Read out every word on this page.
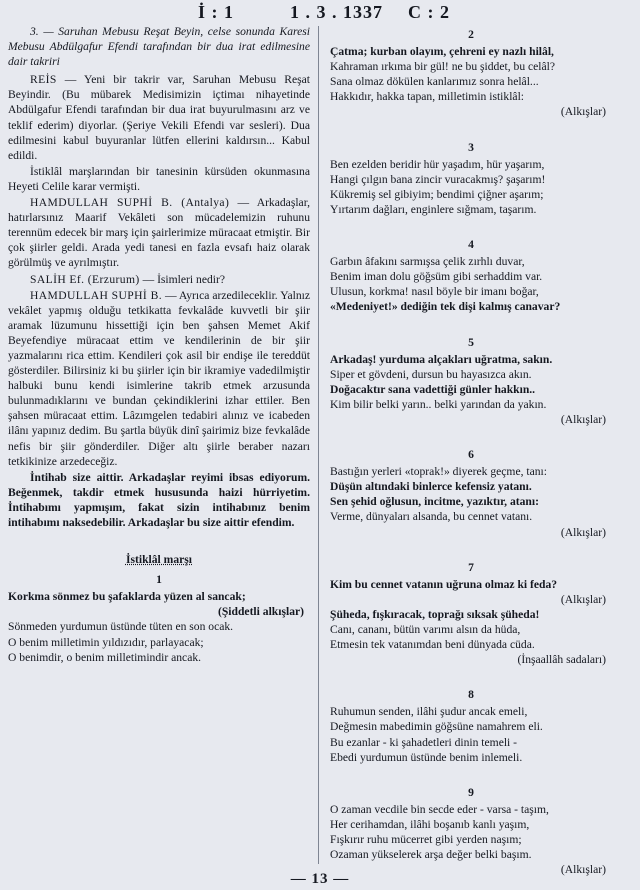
İ : 1	1 . 3 . 1337 C : 2

3. — Saruhan Mebusu Reşat Beyin, celse sonunda Karesi Mebusu Abdülgafur Efendi tarafından bir dua irat edilmesine dair takriri

REİS — Yeni bir takrir var, Saruhan Mebusu Reşat Beyindir. (Bu mübarek Medisimizin içtimaı nihayetinde Abdülgafur Efendi tarafından bir dua irat buyurulmasını arz ve teklif ederim) diyorlar. (Şeriye Vekili Efendi var sesleri). Dua edilmesini kabul buyuranlar lütfen ellerini kaldırsın... Kabul edildi.

İstiklâl marşlarından bir tanesinin kürsüden okunmasına Heyeti Celile karar vermişti.

HAMDULLAH SUPHİ B. (Antalya) — Arkadaşlar, hatırlarsınız Maarif Vekâleti son mücadelemizin ruhunu terennüm edecek bir marş için şairlerimize müracaat etmiştir. Bir çok şiirler geldi. Arada yedi tanesi en fazla evsafı haiz olarak görülmüş ve ayrılmıştır.

SALİH Ef. (Erzurum) — İsimleri nedir?

HAMDULLAH SUPHİ B. — Ayrıca arzedileceklir. Yalnız vekâlet yapmış olduğu tetkikatta fevkalâde kuvvetli bir şiir aramak lüzumunu hissettiği için ben şahsen Memet Akif Beyefendiye müracaat ettim ve kendilerinin de bir şiir yazmalarını rica ettim. Kendileri çok asil bir endişe ile tereddüt gösterdiler. Bilirsiniz ki bu şiirler için bir ikramiye vadedilmiştir halbuki bunu kendi isimlerine takrib etmek arzusunda bulunmadıklarını ve bundan çekindiklerini izhar ettiler. Ben şahsen müracaat ettim. Lâzımgelen tedabiri alınız ve icabeden ilânı yapınız dedim. Bu şartla büyük dinî şairimiz bize fevkalâde nefis bir şiir gönderdiler. Diğer altı şiirle beraber nazarı tetkikinize arzedeceğiz.

İntihab size aittir. Arkadaşlar reyimi ibsas ediyorum. Beğenmek, takdir etmek hususunda haizi hürriyetim. İntihabımı yapmışım, fakat sizin intihabınız benim intihabımı naksedebilir. Arkadaşlar bu size aittir efendim.

İstiklâl marşı
1
Korkma sönmez bu şafaklarda yüzen al sancak;
(Şiddetli alkışlar)
Sönmeden yurdumun üstünde tüten en son ocak.
O benim milletimin yıldızıdır, parlayacak;
O benimdir, o benim milletimindir ancak.
2
Çatma; kurban olayım, çehreni ey nazlı hilâl,
Kahraman ırkıma bir gül! ne bu şiddet, bu celâl?
Sana olmaz dökülen kanlarımız sonra helâl...
Hakkıdır, hakka tapan, milletimin istiklâl:
(Alkışlar)
3
Ben ezelden beridir hür yaşadım, hür yaşarım,
Hangi çılgın bana zincir vuracakmış? şaşarım!
Kükremiş sel gibiyim; bendimi çiğner aşarım;
Yırtarım dağları, enginlere sığmam, taşarım.
4
Garbın âfakını sarmışsa çelik zırhlı duvar,
Benim iman dolu göğsüm gibi serhaddim var.
Ulusun, korkma! nasıl böyle bir imanı boğar,
«Medeniyet!» dediğin tek dişi kalmış canavar?
5
Arkadaş! yurduma alçakları uğratma, sakın.
Siper et gövdeni, dursun bu hayasızca akın.
Doğacaktır sana vadettiği günler hakkın..
Kim bilir belki yarın.. belki yarından da yakın.
(Alkışlar)
6
Bastığın yerleri «toprak!» diyerek geçme, tanı:
Düşün altındaki binlerce kefensiz yatanı.
Sen şehid oğlusun, incitme, yazıktır, atanı:
Verme, dünyaları alsanda, bu cennet vatanı.
(Alkışlar)
7
Kim bu cennet vatanın uğruna olmaz ki feda?
(Alkışlar)
Şüheda, fışkıracak, toprağı sıksak şüheda!
Canı, cananı, bütün varımı alsın da hüda,
Etmesin tek vatanımdan beni dünyada cüda.
(İnşaallâh sadaları)
8
Ruhumun senden, ilâhi şudur ancak emeli,
Değmesin mabedimin göğsüne namahrem eli.
Bu ezanlar - ki şahadetleri dinin temeli -
Ebedi yurdumun üstünde benim inlemeli.
9
O zaman vecdile bin secde eder - varsa - taşım,
Her cerihamdan, ilâhi boşanıb kanlı yaşım,
Fışkırır ruhu mücerret gibi yerden naşım;
Ozaman yükselerek arşa değer belki başım.
(Alkışlar)
— 13 —
